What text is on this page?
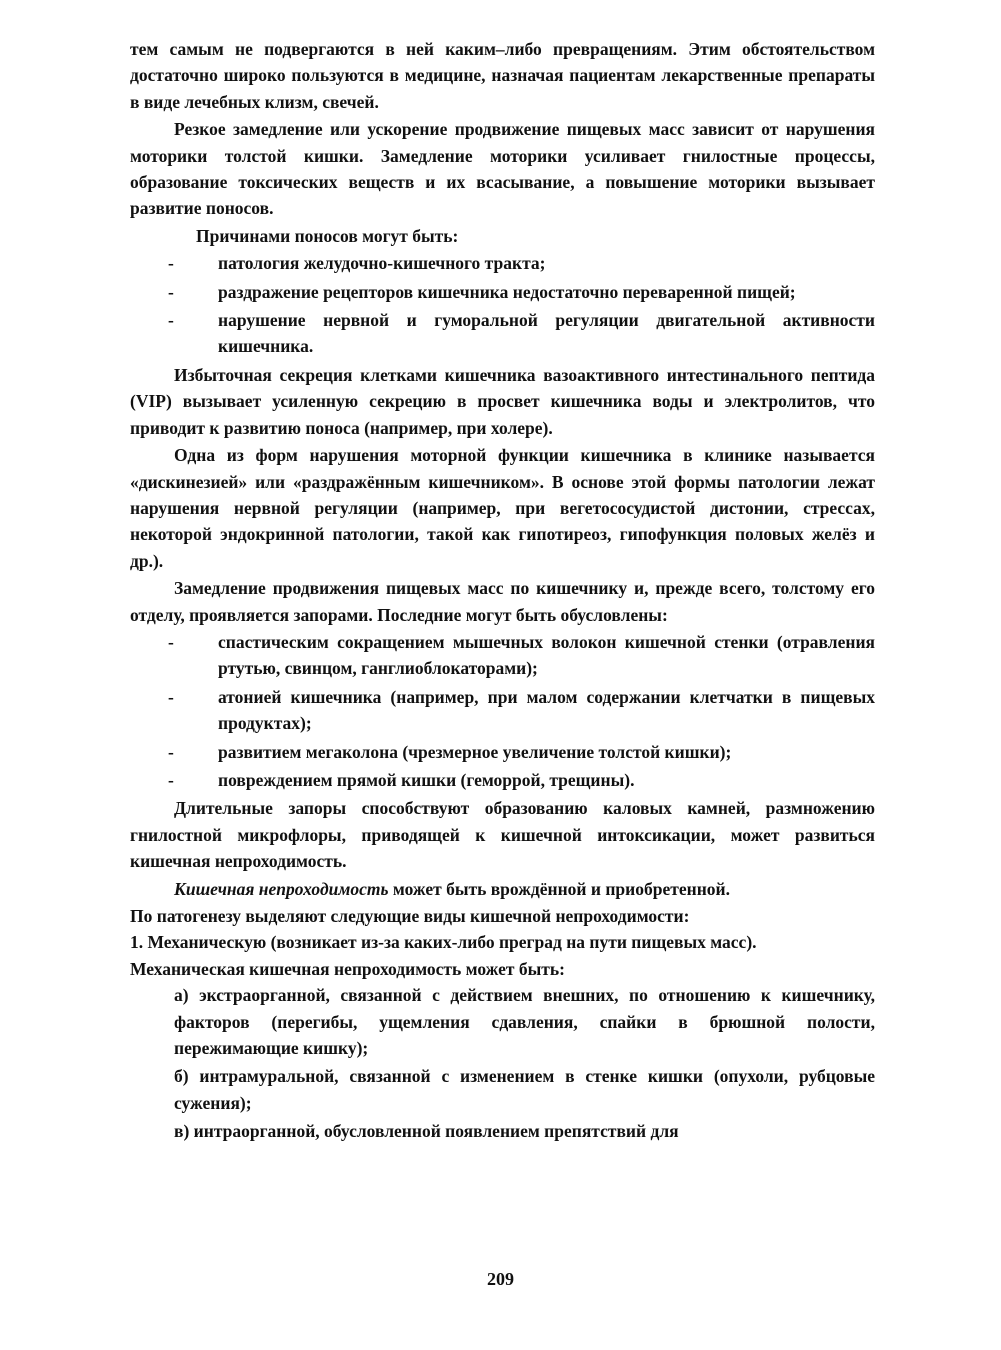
тем самым не подвергаются в ней каким–либо превращениям. Этим обстоятельством достаточно широко пользуются в медицине, назначая пациентам лекарственные препараты в виде лечебных клизм, свечей.

Резкое замедление или ускорение продвижение пищевых масс зависит от нарушения моторики толстой кишки. Замедление моторики усиливает гнилостные процессы, образование токсических веществ и их всасывание, а повышение моторики вызывает развитие поносов.

Причинами поносов могут быть:

-	патология желудочно-кишечного тракта;

-	раздражение рецепторов кишечника недостаточно переваренной пищей;

-	нарушение нервной и гуморальной регуляции двигательной активности кишечника.

Избыточная секреция клетками кишечника вазоактивного интестинального пептида (VIP) вызывает усиленную секрецию в просвет кишечника воды и электролитов, что приводит к развитию поноса (например, при холере).

Одна из форм нарушения моторной функции кишечника в клинике называется «дискинезией» или «раздражённым кишечником». В основе этой формы патологии лежат нарушения нервной регуляции (например, при вегетососудистой дистонии, стрессах, некоторой эндокринной патологии, такой как гипотиреоз, гипофункция половых желёз и др.).

Замедление продвижения пищевых масс по кишечнику и, прежде всего, толстому его отделу, проявляется запорами. Последние могут быть обусловлены:

-	спастическим сокращением мышечных волокон кишечной стенки (отравления ртутью, свинцом, ганглиоблокаторами);

-	атонией кишечника (например, при малом содержании клетчатки в пищевых продуктах);

-	развитием мегаколона (чрезмерное увеличение толстой кишки);

-	повреждением прямой кишки (геморрой, трещины).

Длительные запоры способствуют образованию каловых камней, размножению гнилостной микрофлоры, приводящей к кишечной интоксикации, может развиться кишечная непроходимость.

Кишечная непроходимость может быть врождённой и приобретенной.

По патогенезу выделяют следующие виды кишечной непроходимости:

1. Механическую (возникает из-за каких-либо преград на пути пищевых масс).

Механическая кишечная непроходимость может быть:

а) экстраорганной, связанной с действием внешних, по отношению к кишечнику, факторов (перегибы, ущемления сдавления, спайки в брюшной полости, пережимающие кишку);

б) интрамуральной, связанной с изменением в стенке кишки (опухоли, рубцовые сужения);

в) интраорганной, обусловленной появлением препятствий для

209
